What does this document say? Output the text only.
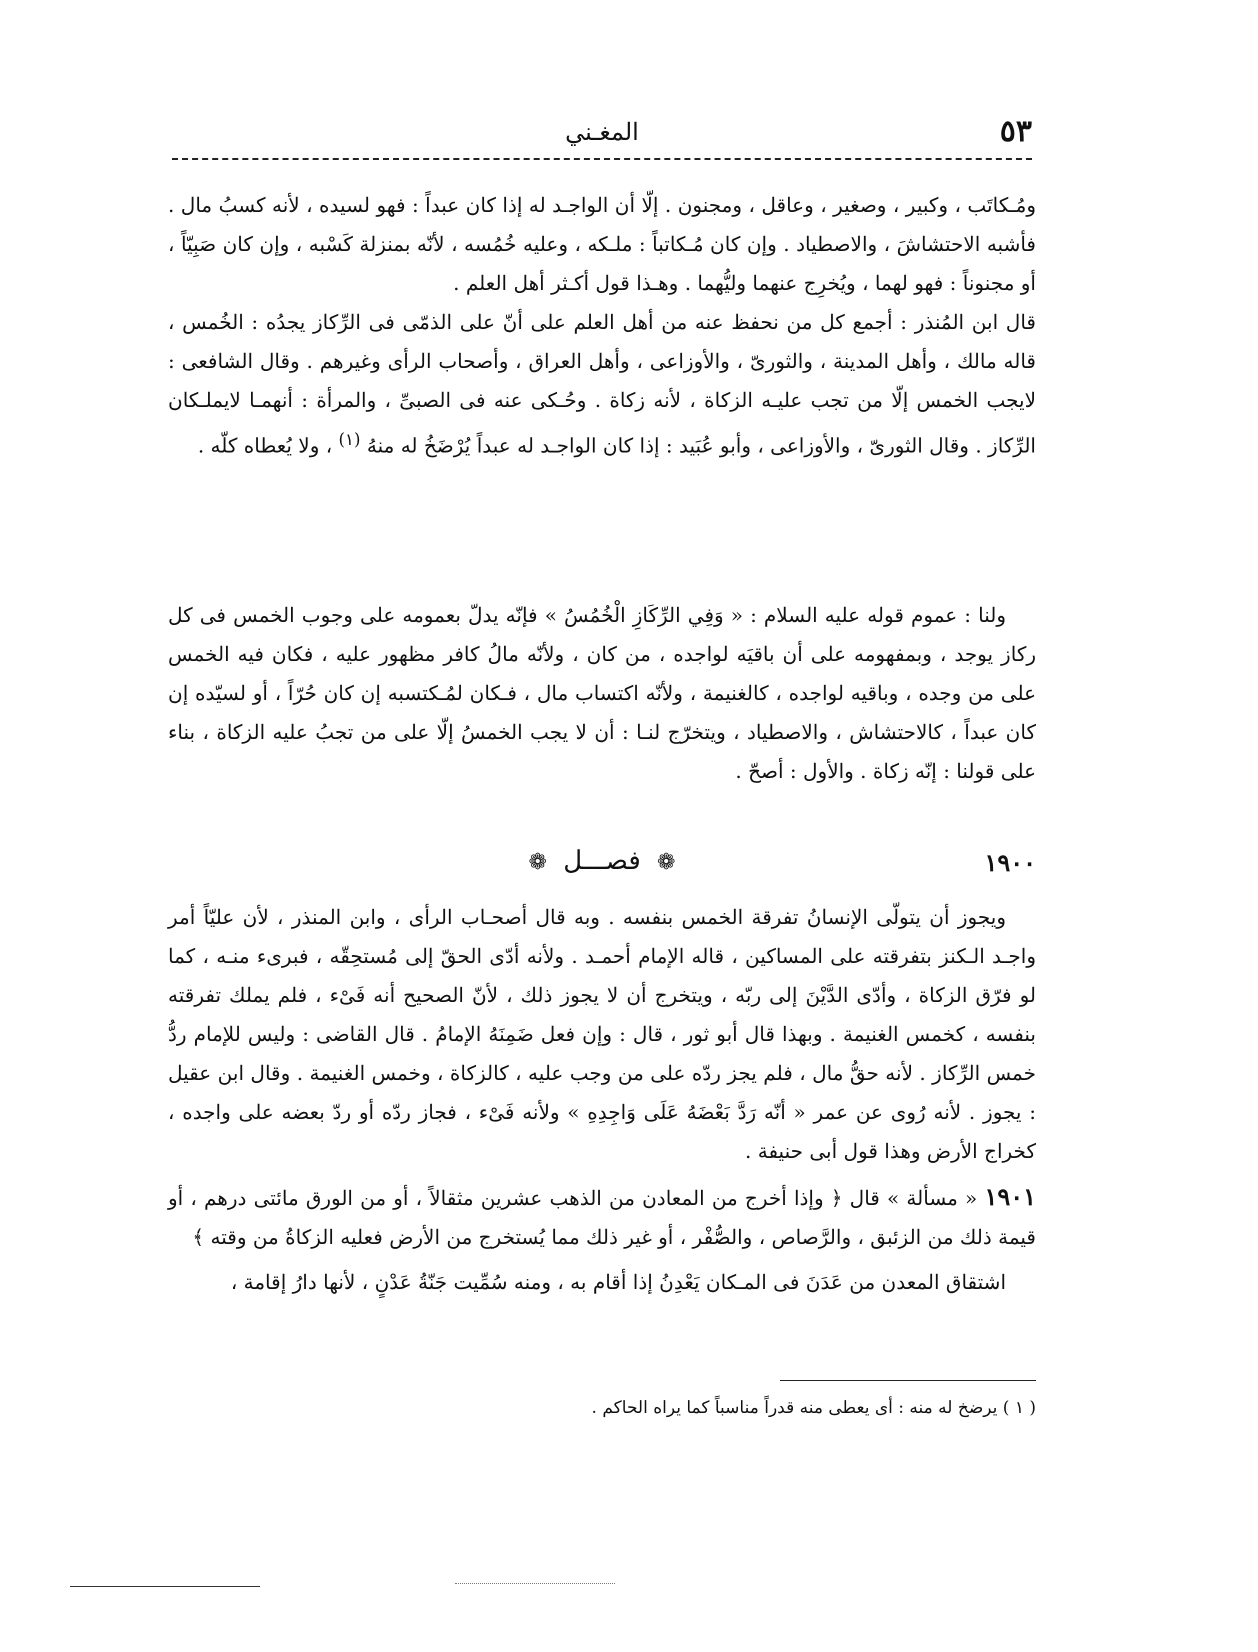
٥٣
المغـني

ومُـكاتَب ، وكبير ، وصغير ، وعاقل ، ومجنون . إلّا أن الواجـد له إذا كان عبداً : فهو لسيده ، لأنه كسبُ مال . فأشبه الاحتشاشَ ، والاصطياد . وإن كان مُـكاتباً : ملـكه ، وعليه خُمُسه ، لأنّه بمنزلة كَسْبه ، وإن كان صَبِيّاً ، أو مجنوناً : فهو لهما ، ويُخرِج عنهما وليُّهما . وهـذا قول أكـثر أهل العلم .

قال ابن المُنذر : أجمع كل من نحفظ عنه من أهل العلم على أنّ على الذمّى فى الرِّكاز يجدُه : الخُمس ، قاله مالك ، وأهل المدينة ، والثورىّ ، والأوزاعى ، وأهل العراق ، وأصحاب الرأى وغيرهم . وقال الشافعى : لايجب الخمس إلّا من تجب عليـه الزكاة ، لأنه زكاة . وحُـكى عنه فى الصبىِّ ، والمرأة : أنهمـا لايملـكان الرِّكاز . وقال الثورىّ ، والأوزاعى ، وأبو عُبَيد : إذا كان الواجـد له عبداً يُرْضَخُ له منهُ $^{(١)}$ ، ولا يُعطاه كلّه .

ولنا : عموم قوله عليه السلام : « وَفِي الرِّكَازِ الْخُمُسُ » فإنّه يدلّ بعمومه على وجوب الخمس فى كل ركاز يوجد ، وبمفهومه على أن باقيَه لواجده ، من كان ، ولأنّه مالُ كافر مظهور عليه ، فكان فيه الخمس على من وجده ، وباقيه لواجده ، كالغنيمة ، ولأنّه اكتساب مال ، فـكان لمُـكتسبه إن كان حُرّاً ، أو لسيّده إن كان عبداً ، كالاحتشاش ، والاصطياد ، ويتخرّج لنـا : أن لا يجب الخمسُ إلّا على من تجبُ عليه الزكاة ، بناء على قولنا : إنّه زكاة . والأول : أصحّ .

١٩٠٠
❁ فصـــل ❁

ويجوز أن يتولّى الإنسانُ تفرقة الخمس بنفسه . وبه قال أصحـاب الرأى ، وابن المنذر ، لأن عليّاً أمر واجـد الـكنز بتفرقته على المساكين ، قاله الإمام أحمـد . ولأنه أدّى الحقّ إلى مُستحِقّه ، فبرىء منـه ، كما لو فرّق الزكاة ، وأدّى الدَّيْنَ إلى ربّه ، ويتخرج أن لا يجوز ذلك ، لأنّ الصحيح أنه فَىْء ، فلم يملك تفرقته بنفسه ، كخمس الغنيمة . وبهذا قال أبو ثور ، قال : وإن فعل ضَمِنَهُ الإمامُ . قال القاضى : وليس للإمام ردُّ خمس الرِّكاز . لأنه حقُّ مال ، فلم يجز ردّه على من وجب عليه ، كالزكاة ، وخمس الغنيمة . وقال ابن عقيل : يجوز . لأنه رُوى عن عمر « أنّه رَدَّ بَعْضَهُ عَلَى وَاجِدِهِ » ولأنه فَىْء ، فجاز ردّه أو ردّ بعضه على واجده ، كخراج الأرض وهذا قول أبى حنيفة .

١٩٠١ « مسألة » قال ﴿ وإذا أخرج من المعادن من الذهب عشرين مثقالاً ، أو من الورق مائتى درهم ، أو قيمة ذلك من الزئبق ، والرَّصاص ، والصُّفْر ، أو غير ذلك مما يُستخرج من الأرض فعليه الزكاةُ من وقته ﴾

اشتقاق المعدن من عَدَنَ فى المـكان يَعْدِنُ إذا أقام به ، ومنه سُمِّيت جَنّةُ عَدْنٍ ، لأنها دارُ إقامة ،

( ١ ) يرضخ له منه : أى يعطى منه قدراً مناسباً كما يراه الحاكم .
